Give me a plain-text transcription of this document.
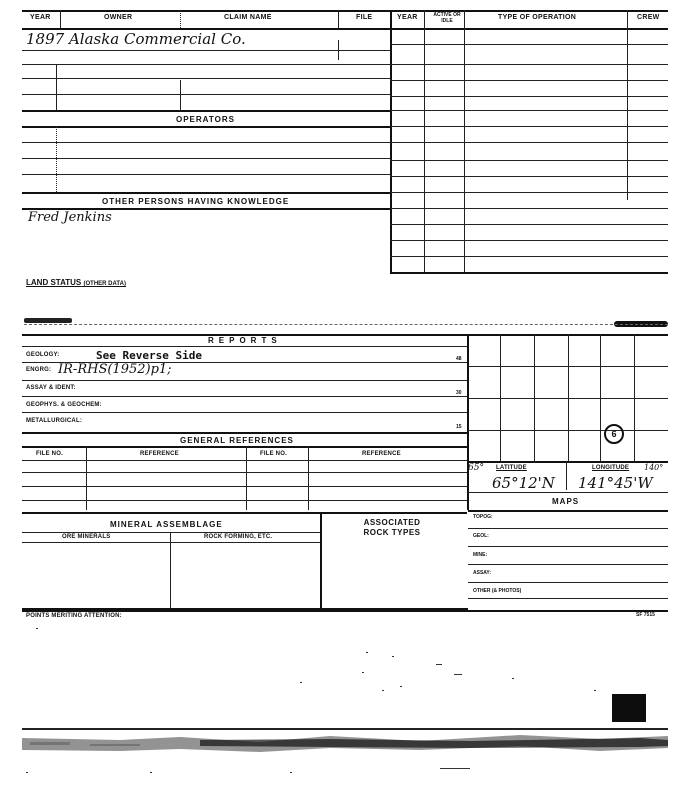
YEAR	OWNER	CLAIM NAME	FILE	YEAR	ACTIVE OR IDLE	TYPE OF OPERATION	CREW
1897 Alaska Commercial Co.
OPERATORS
OTHER PERSONS HAVING KNOWLEDGE
Fred Jenkins
LAND STATUS (OTHER DATA)
REPORTS
GEOLOGY:	See Reverse Side	48
ENGRG: IR-RHS(1952)p1;
ASSAY & IDENT:
30
GEOPHYS. & GEOCHEM:
METALLURGICAL:
15
GENERAL REFERENCES
FILE NO.	REFERENCE	FILE NO.	REFERENCE
MINERAL ASSEMBLAGE
ORE MINERALS	ROCK FORMING, ETC.
ASSOCIATED ROCK TYPES
6
65° LATITUDE	LONGITUDE 140°
65°12'N 141°45'W
MAPS
TOPOG:
GEOL:
MINE:
ASSAY:
OTHER (& PHOTOS)
POINTS MERITING ATTENTION:	SF 7515
